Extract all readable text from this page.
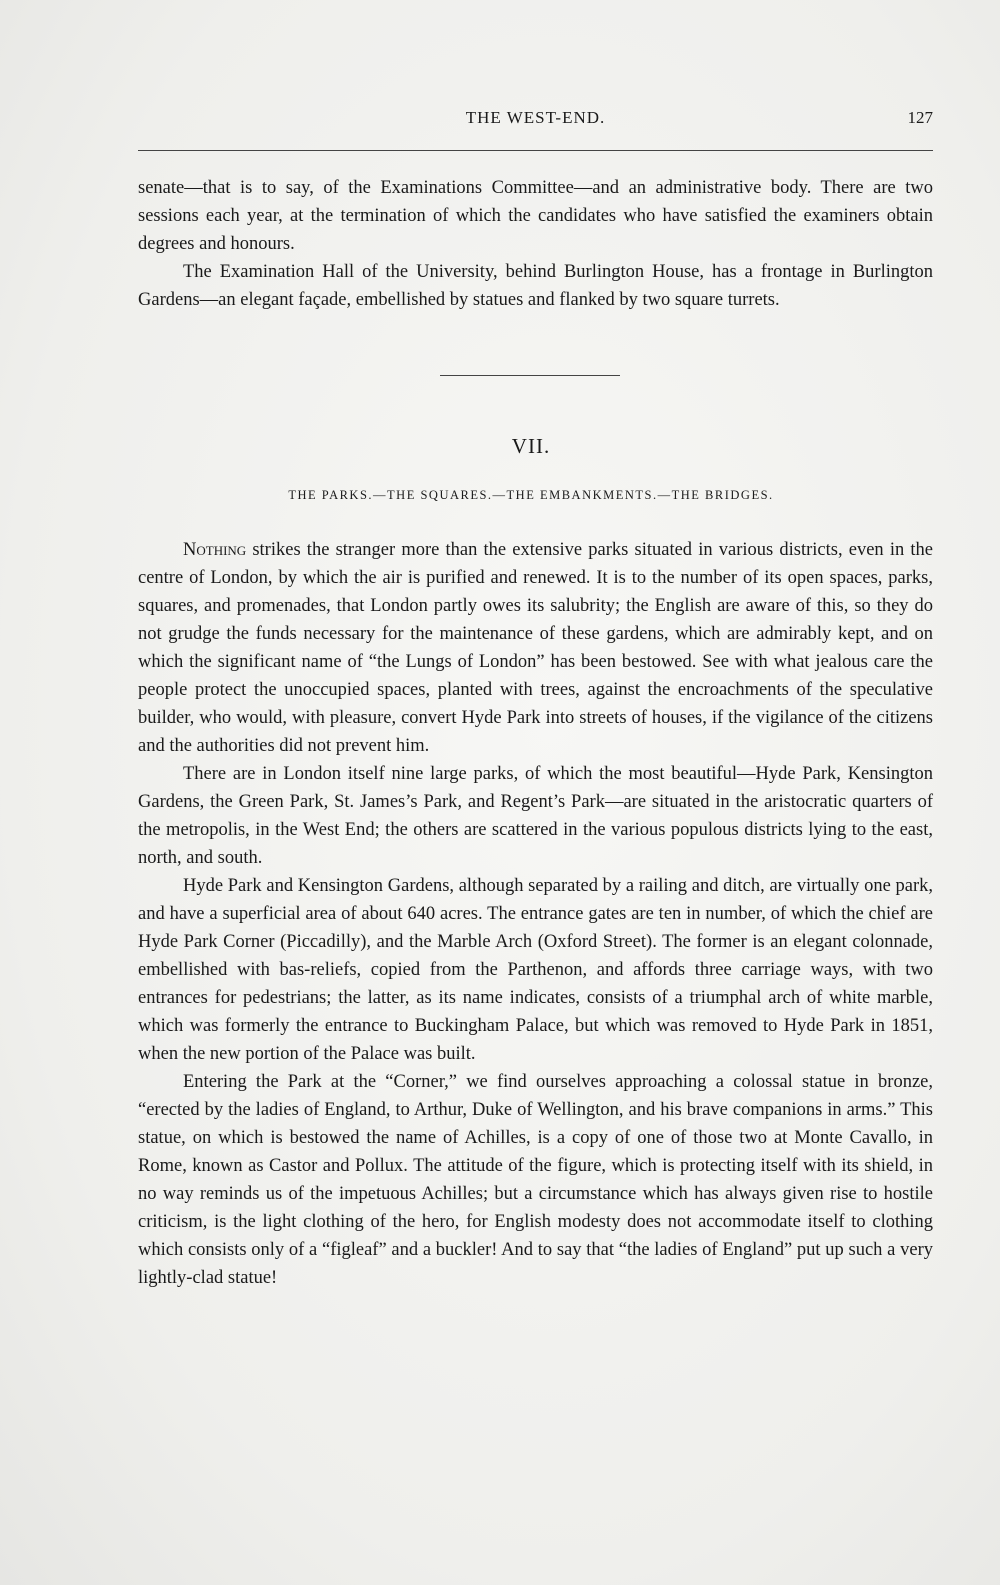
THE WEST-END.	127

senate—that is to say, of the Examinations Committee—and an administrative body. There are two sessions each year, at the termination of which the candidates who have satisfied the examiners obtain degrees and honours.

The Examination Hall of the University, behind Burlington House, has a frontage in Burlington Gardens—an elegant façade, embellished by statues and flanked by two square turrets.

VII.
THE PARKS.—THE SQUARES.—THE EMBANKMENTS.—THE BRIDGES.

Nothing strikes the stranger more than the extensive parks situated in various districts, even in the centre of London, by which the air is purified and renewed. It is to the number of its open spaces, parks, squares, and promenades, that London partly owes its salubrity; the English are aware of this, so they do not grudge the funds necessary for the maintenance of these gardens, which are admirably kept, and on which the significant name of “the Lungs of London” has been bestowed. See with what jealous care the people protect the unoccupied spaces, planted with trees, against the encroachments of the speculative builder, who would, with pleasure, convert Hyde Park into streets of houses, if the vigilance of the citizens and the authorities did not prevent him.

There are in London itself nine large parks, of which the most beautiful—Hyde Park, Kensington Gardens, the Green Park, St. James’s Park, and Regent’s Park—are situated in the aristocratic quarters of the metropolis, in the West End; the others are scattered in the various populous districts lying to the east, north, and south.

Hyde Park and Kensington Gardens, although separated by a railing and ditch, are virtually one park, and have a superficial area of about 640 acres. The entrance gates are ten in number, of which the chief are Hyde Park Corner (Piccadilly), and the Marble Arch (Oxford Street). The former is an elegant colonnade, embellished with bas-reliefs, copied from the Parthenon, and affords three carriage ways, with two entrances for pedestrians; the latter, as its name indicates, consists of a triumphal arch of white marble, which was formerly the entrance to Buckingham Palace, but which was removed to Hyde Park in 1851, when the new portion of the Palace was built.

Entering the Park at the “Corner,” we find ourselves approaching a colossal statue in bronze, “erected by the ladies of England, to Arthur, Duke of Wellington, and his brave companions in arms.” This statue, on which is bestowed the name of Achilles, is a copy of one of those two at Monte Cavallo, in Rome, known as Castor and Pollux. The attitude of the figure, which is protecting itself with its shield, in no way reminds us of the impetuous Achilles; but a circumstance which has always given rise to hostile criticism, is the light clothing of the hero, for English modesty does not accommodate itself to clothing which consists only of a “figleaf” and a buckler! And to say that “the ladies of England” put up such a very lightly-clad statue!
